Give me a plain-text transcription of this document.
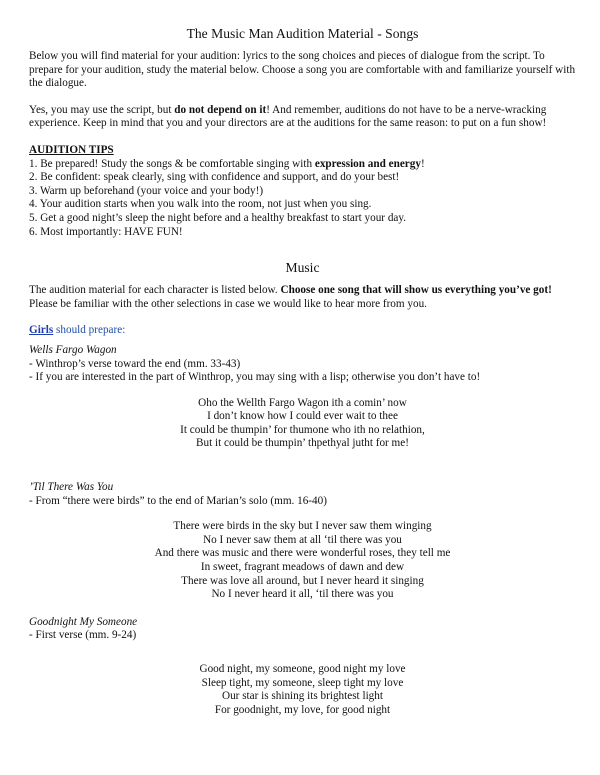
The Music Man Audition Material - Songs

Below you will find material for your audition: lyrics to the song choices and pieces of dialogue from the script. To prepare for your audition, study the material below. Choose a song you are comfortable with and familiarize yourself with the dialogue.

Yes, you may use the script, but do not depend on it! And remember, auditions do not have to be a nerve-wracking experience. Keep in mind that you and your directors are at the auditions for the same reason: to put on a fun show!

AUDITION TIPS
1. Be prepared! Study the songs & be comfortable singing with expression and energy!
2. Be confident: speak clearly, sing with confidence and support, and do your best!
3. Warm up beforehand (your voice and your body!)
4. Your audition starts when you walk into the room, not just when you sing.
5. Get a good night’s sleep the night before and a healthy breakfast to start your day.
6. Most importantly: HAVE FUN!
Music

The audition material for each character is listed below. Choose one song that will show us everything you’ve got! Please be familiar with the other selections in case we would like to hear more from you.

Girls should prepare:

Wells Fargo Wagon
- Winthrop’s verse toward the end (mm. 33-43)
- If you are interested in the part of Winthrop, you may sing with a lisp; otherwise you don’t have to!
Oho the Wellth Fargo Wagon ith a comin’ now
I don’t know how I could ever wait to thee
It could be thumpin’ for thumone who ith no relathion,
But it could be thumpin’ thpethyal jutht for me!
’Til There Was You
- From “there were birds” to the end of Marian’s solo (mm. 16-40)
There were birds in the sky but I never saw them winging
No I never saw them at all ‘til there was you
And there was music and there were wonderful roses, they tell me
In sweet, fragrant meadows of dawn and dew
There was love all around, but I never heard it singing
No I never heard it all, ‘til there was you
Goodnight My Someone
- First verse (mm. 9-24)
Good night, my someone, good night my love
Sleep tight, my someone, sleep tight my love
Our star is shining its brightest light
For goodnight, my love, for good night
